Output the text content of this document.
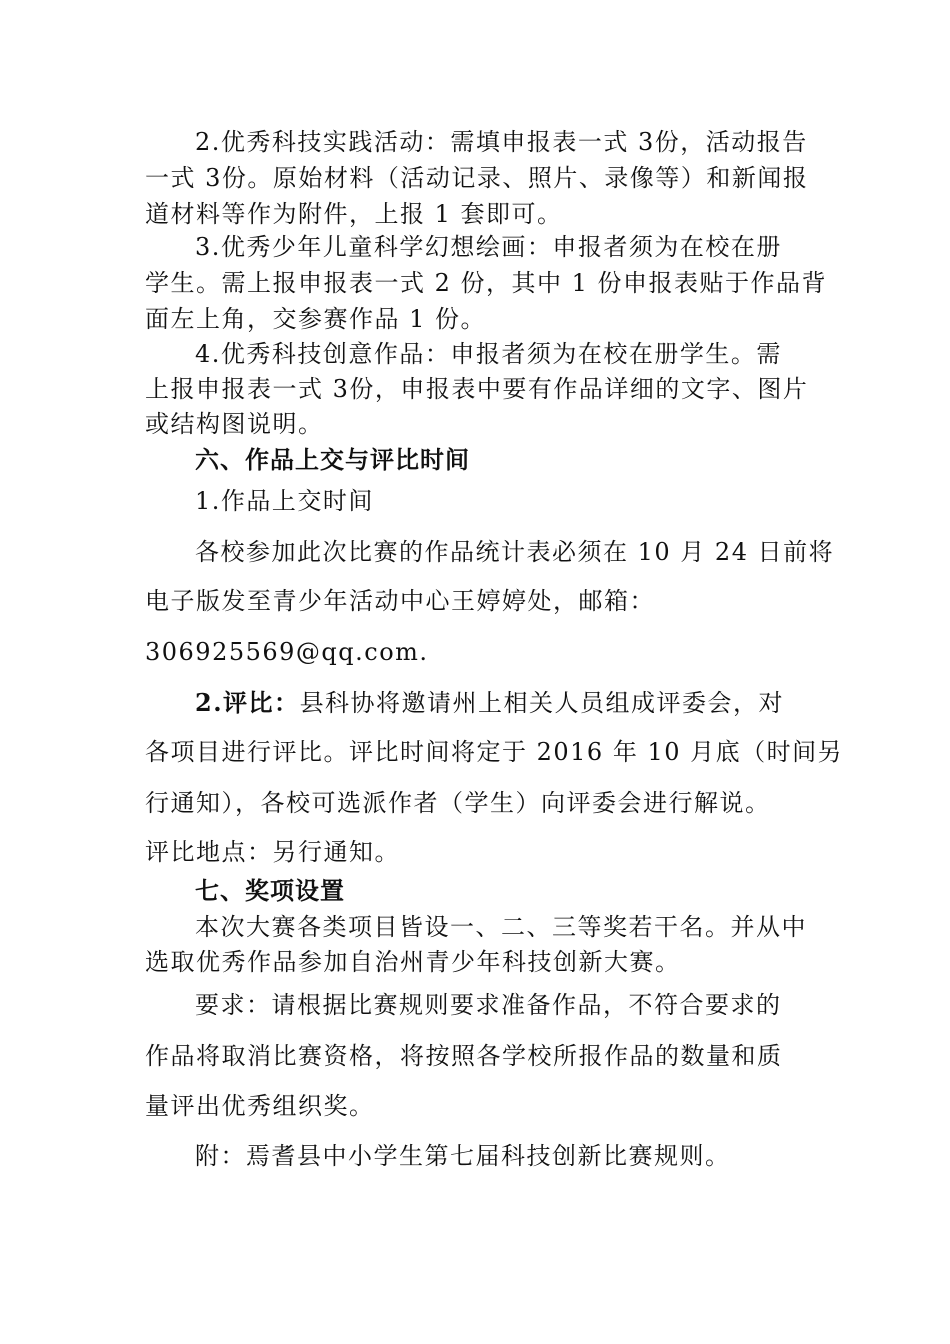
2.优秀科技实践活动：需填申报表一式 3份，活动报告
一式 3份。原始材料（活动记录、照片、录像等）和新闻报
道材料等作为附件，上报 1 套即可。
3.优秀少年儿童科学幻想绘画：申报者须为在校在册
学生。需上报申报表一式 2 份，其中 1 份申报表贴于作品背
面左上角，交参赛作品 1 份。
4.优秀科技创意作品：申报者须为在校在册学生。需
上报申报表一式 3份，申报表中要有作品详细的文字、图片
或结构图说明。
六、作品上交与评比时间
1.作品上交时间
各校参加此次比赛的作品统计表必须在 10 月 24 日前将
电子版发至青少年活动中心王婷婷处，邮箱：
306925569@qq.com.
2.评比：县科协将邀请州上相关人员组成评委会，对
各项目进行评比。评比时间将定于 2016 年 10 月底（时间另
行通知），各校可选派作者（学生）向评委会进行解说。
评比地点：另行通知。
七、奖项设置
本次大赛各类项目皆设一、二、三等奖若干名。并从中
选取优秀作品参加自治州青少年科技创新大赛。
要求：请根据比赛规则要求准备作品，不符合要求的
作品将取消比赛资格，将按照各学校所报作品的数量和质
量评出优秀组织奖。
附：焉耆县中小学生第七届科技创新比赛规则。
